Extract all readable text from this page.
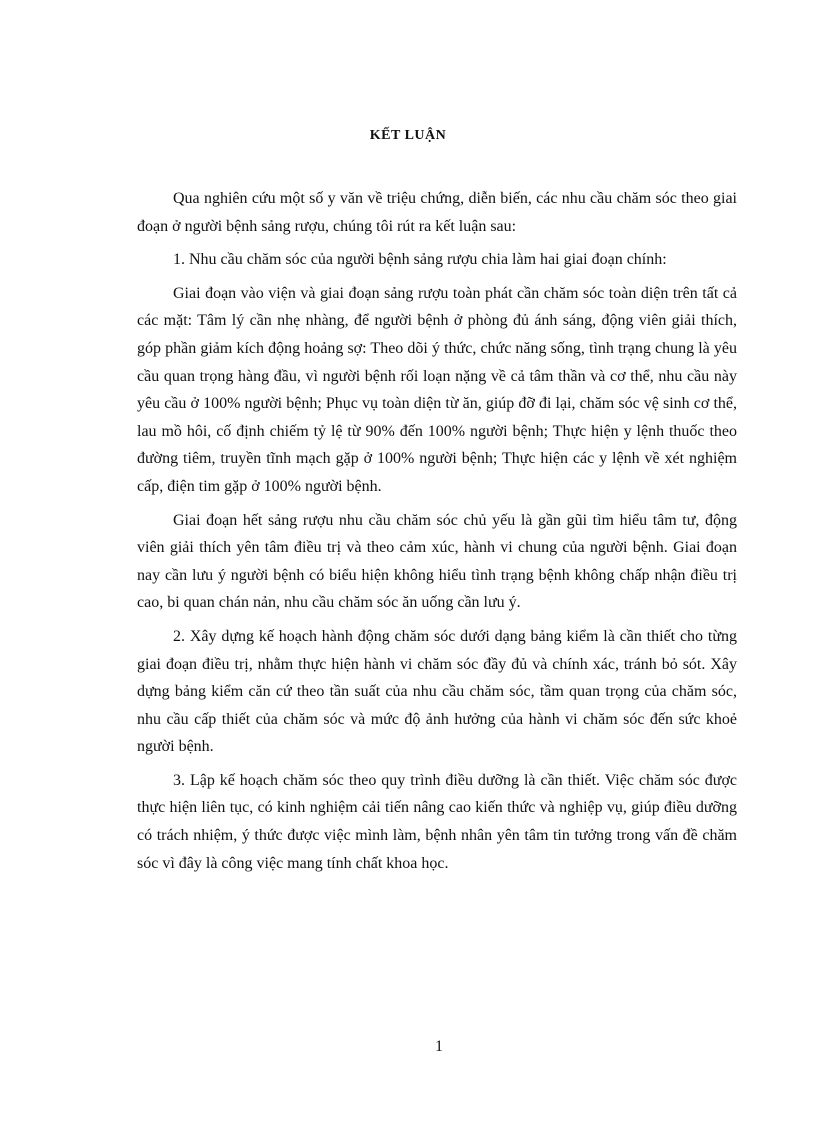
KẾT LUẬN

Qua nghiên cứu một số y văn về triệu chứng, diễn biến, các nhu cầu chăm sóc theo giai đoạn ở người bệnh sảng rượu, chúng tôi rút ra kết luận sau:

1. Nhu cầu chăm sóc của người bệnh sảng rượu chia làm hai giai đoạn chính:

Giai đoạn vào viện và giai đoạn sảng rượu toàn phát cần chăm sóc toàn diện trên tất cả các mặt: Tâm lý cần nhẹ nhàng, để người bệnh ở phòng đủ ánh sáng, động viên giải thích, góp phần giảm kích động hoảng sợ: Theo dõi ý thức, chức năng sống, tình trạng chung là yêu cầu quan trọng hàng đầu, vì người bệnh rối loạn nặng về cả tâm thần và cơ thể, nhu cầu này yêu cầu ở 100% người bệnh; Phục vụ toàn diện từ ăn, giúp đỡ đi lại, chăm sóc vệ sinh cơ thể, lau mồ hôi, cố định chiếm tỷ lệ từ 90% đến 100% người bệnh; Thực hiện y lệnh thuốc theo đường tiêm, truyền tĩnh mạch gặp ở 100% người bệnh; Thực hiện các y lệnh về xét nghiệm cấp, điện tim gặp ở 100% người bệnh.

Giai đoạn hết sảng rượu nhu cầu chăm sóc chủ yếu là gần gũi tìm hiểu tâm tư, động viên giải thích yên tâm điều trị và theo cảm xúc, hành vi chung của người bệnh. Giai đoạn nay cần lưu ý người bệnh có biểu hiện không hiểu tình trạng bệnh không chấp nhận điều trị cao, bi quan chán nản, nhu cầu chăm sóc ăn uống cần lưu ý.

2. Xây dựng kế hoạch hành động chăm sóc dưới dạng bảng kiểm là cần thiết cho từng giai đoạn điều trị, nhằm thực hiện hành vi chăm sóc đầy đủ và chính xác, tránh bỏ sót. Xây dựng bảng kiểm căn cứ theo tần suất của nhu cầu chăm sóc, tầm quan trọng của chăm sóc, nhu cầu cấp thiết của chăm sóc và mức độ ảnh hưởng của hành vi chăm sóc đến sức khoẻ người bệnh.

3. Lập kế hoạch chăm sóc theo quy trình điều dưỡng là cần thiết. Việc chăm sóc được thực hiện liên tục, có kinh nghiệm cải tiến nâng cao kiến thức và nghiệp vụ, giúp điều dưỡng có trách nhiệm, ý thức được việc mình làm, bệnh nhân yên tâm tin tưởng trong vấn đề chăm sóc vì đây là công việc mang tính chất khoa học.

1
